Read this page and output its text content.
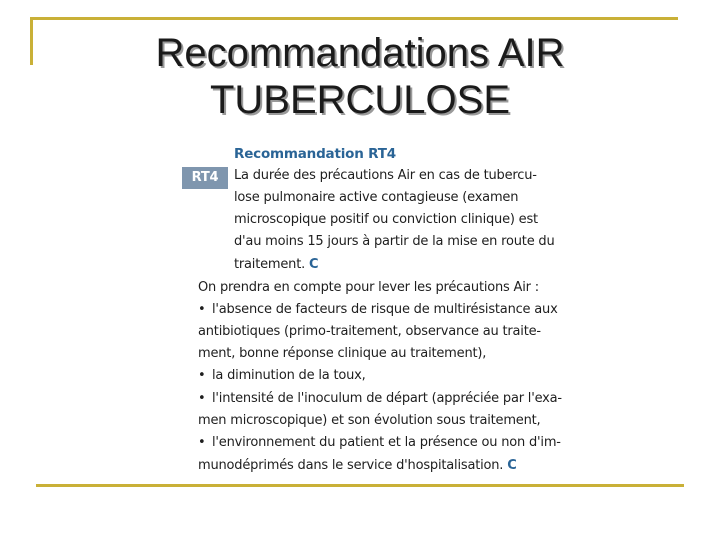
Recommandations AIR
TUBERCULOSE
Recommandation RT4
RT4	La durée des précautions Air en cas de tubercu-
lose pulmonaire active contagieuse (examen
microscopique positif ou conviction clinique) est
d'au moins 15 jours à partir de la mise en route du
traitement. C
On prendra en compte pour lever les précautions Air :
• l'absence de facteurs de risque de multirésistance aux
antibiotiques (primo-traitement, observance au traite-
ment, bonne réponse clinique au traitement),
• la diminution de la toux,
• l'intensité de l'inoculum de départ (appréciée par l'exa-
men microscopique) et son évolution sous traitement,
• l'environnement du patient et la présence ou non d'im-
munodéprimés dans le service d'hospitalisation. C
